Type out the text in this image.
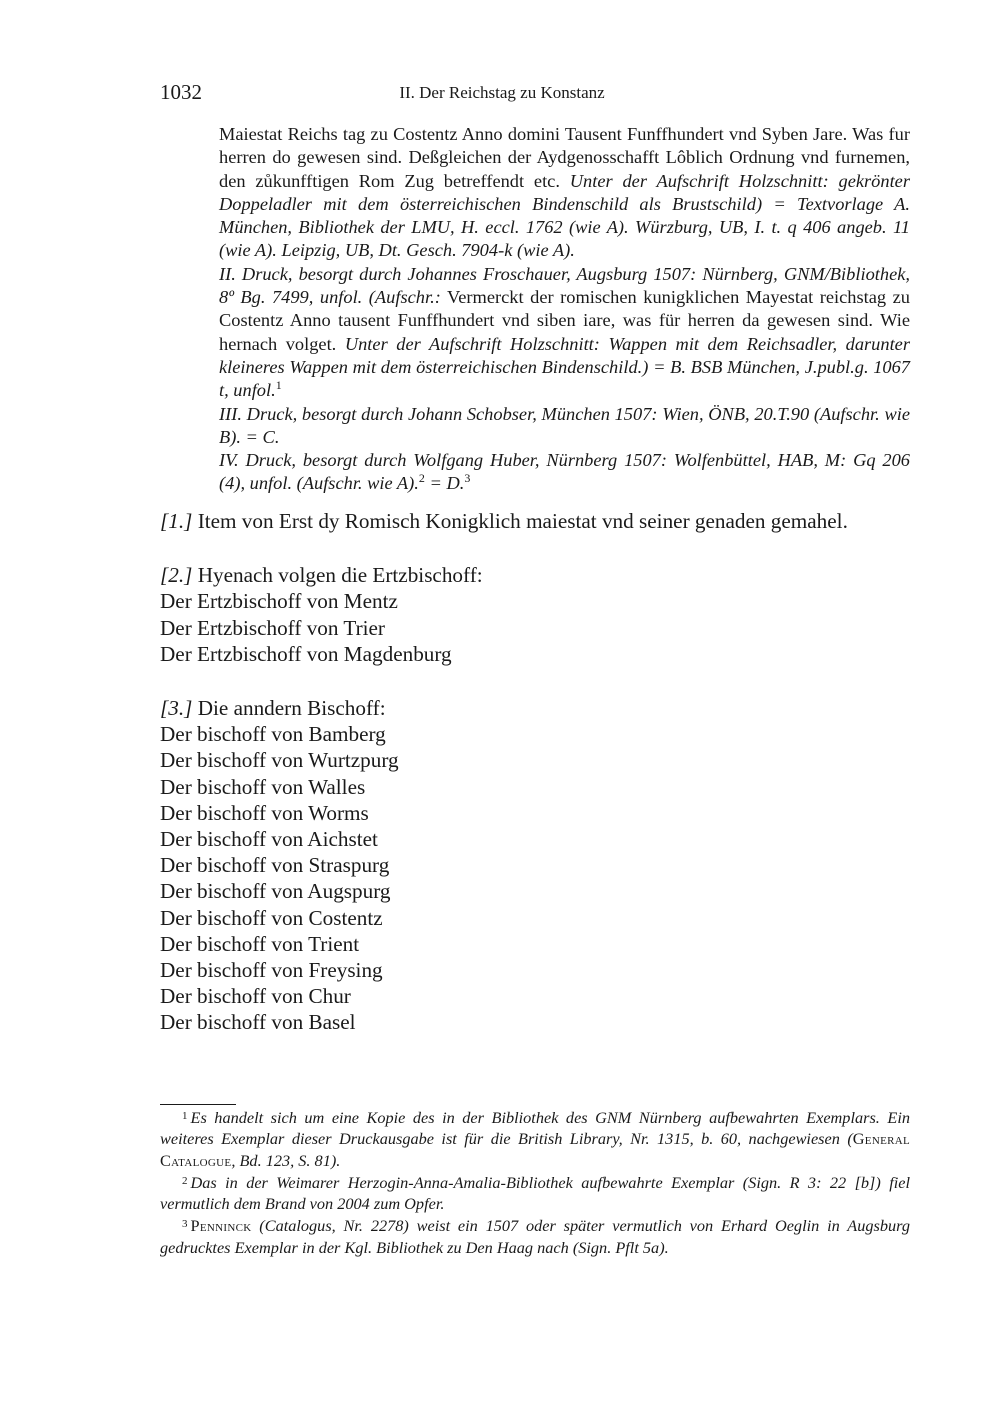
1032	II. Der Reichstag zu Konstanz

Maiestat Reichs tag zu Costentz Anno domini Tausent Funffhundert vnd Syben Jare. Was fur herren do gewesen sind. Deßgleichen der Aydgenosschafft Lôblich Ordnung vnd furnemen, den zůkunfftigen Rom Zug betreffendt etc. Unter der Aufschrift Holzschnitt: gekrönter Doppeladler mit dem österreichischen Bindenschild als Brustschild) = Textvorlage A. München, Bibliothek der LMU, H. eccl. 1762 (wie A). Würzburg, UB, I. t. q 406 angeb. 11 (wie A). Leipzig, UB, Dt. Gesch. 7904-k (wie A).

II. Druck, besorgt durch Johannes Froschauer, Augsburg 1507: Nürnberg, GNM/Bibliothek, 8º Bg. 7499, unfol. (Aufschr.: Vermerckt der romischen kunigklichen Mayestat reichstag zu Costentz Anno tausent Funffhundert vnd siben iare, was für herren da gewesen sind. Wie hernach volget. Unter der Aufschrift Holzschnitt: Wappen mit dem Reichsadler, darunter kleineres Wappen mit dem österreichischen Bindenschild.) = B. BSB München, J.publ.g. 1067 t, unfol.$^1$

III. Druck, besorgt durch Johann Schobser, München 1507: Wien, ÖNB, 20.T.90 (Aufschr. wie B). = C.

IV. Druck, besorgt durch Wolfgang Huber, Nürnberg 1507: Wolfenbüttel, HAB, M: Gq 206 (4), unfol. (Aufschr. wie A).$^2$ = D.$^3$

[1.] Item von Erst dy Romisch Konigklich maiestat vnd seiner genaden gemahel.

[2.] Hyenach volgen die Ertzbischoff:

Der Ertzbischoff von Mentz

Der Ertzbischoff von Trier

Der Ertzbischoff von Magdenburg

[3.] Die anndern Bischoff:

Der bischoff von Bamberg

Der bischoff von Wurtzpurg

Der bischoff von Walles

Der bischoff von Worms

Der bischoff von Aichstet

Der bischoff von Straspurg

Der bischoff von Augspurg

Der bischoff von Costentz

Der bischoff von Trient

Der bischoff von Freysing

Der bischoff von Chur

Der bischoff von Basel

$^1$ Es handelt sich um eine Kopie des in der Bibliothek des GNM Nürnberg aufbewahrten Exemplars. Ein weiteres Exemplar dieser Druckausgabe ist für die British Library, Nr. 1315, b. 60, nachgewiesen (General Catalogue, Bd. 123, S. 81).

$^2$ Das in der Weimarer Herzogin-Anna-Amalia-Bibliothek aufbewahrte Exemplar (Sign. R 3: 22 [b]) fiel vermutlich dem Brand von 2004 zum Opfer.

$^3$ Penninck (Catalogus, Nr. 2278) weist ein 1507 oder später vermutlich von Erhard Oeglin in Augsburg gedrucktes Exemplar in der Kgl. Bibliothek zu Den Haag nach (Sign. Pflt 5a).
